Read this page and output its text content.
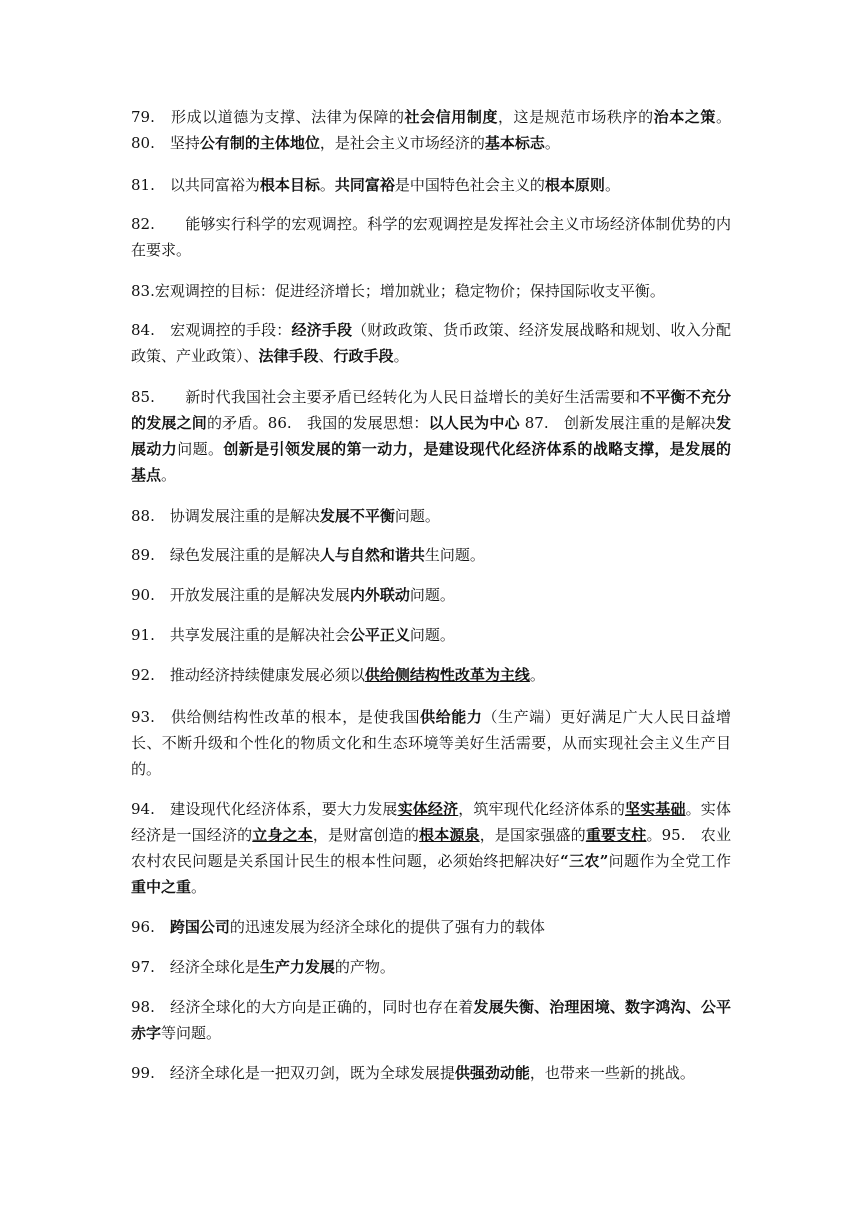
79.　形成以道德为支撑、法律为保障的社会信用制度，这是规范市场秩序的治本之策。80.　坚持公有制的主体地位，是社会主义市场经济的基本标志。

81.　以共同富裕为根本目标。共同富裕是中国特色社会主义的根本原则。

82.　　能够实行科学的宏观调控。科学的宏观调控是发挥社会主义市场经济体制优势的内在要求。

83.宏观调控的目标：促进经济增长；增加就业；稳定物价；保持国际收支平衡。

84.　宏观调控的手段：经济手段（财政政策、货币政策、经济发展战略和规划、收入分配政策、产业政策）、法律手段、行政手段。

85.　　新时代我国社会主要矛盾已经转化为人民日益增长的美好生活需要和不平衡不充分的发展之间的矛盾。86.　我国的发展思想：以人民为中心 87.　创新发展注重的是解决发展动力问题。创新是引领发展的第一动力，是建设现代化经济体系的战略支撑，是发展的基点。

88.　协调发展注重的是解决发展不平衡问题。

89.　绿色发展注重的是解决人与自然和谐共生问题。

90.　开放发展注重的是解决发展内外联动问题。

91.　共享发展注重的是解决社会公平正义问题。

92.　推动经济持续健康发展必须以供给侧结构性改革为主线。

93.　供给侧结构性改革的根本，是使我国供给能力（生产端）更好满足广大人民日益增长、不断升级和个性化的物质文化和生态环境等美好生活需要，从而实现社会主义生产目的。

94.　建设现代化经济体系，要大力发展实体经济，筑牢现代化经济体系的坚实基础。实体经济是一国经济的立身之本，是财富创造的根本源泉，是国家强盛的重要支柱。95.　农业农村农民问题是关系国计民生的根本性问题，必须始终把解决好“三农”问题作为全党工作重中之重。

96.　跨国公司的迅速发展为经济全球化的提供了强有力的载体

97.　经济全球化是生产力发展的产物。

98.　经济全球化的大方向是正确的，同时也存在着发展失衡、治理困境、数字鸿沟、公平赤字等问题。

99.　经济全球化是一把双刃剑，既为全球发展提供强劲动能，也带来一些新的挑战。
